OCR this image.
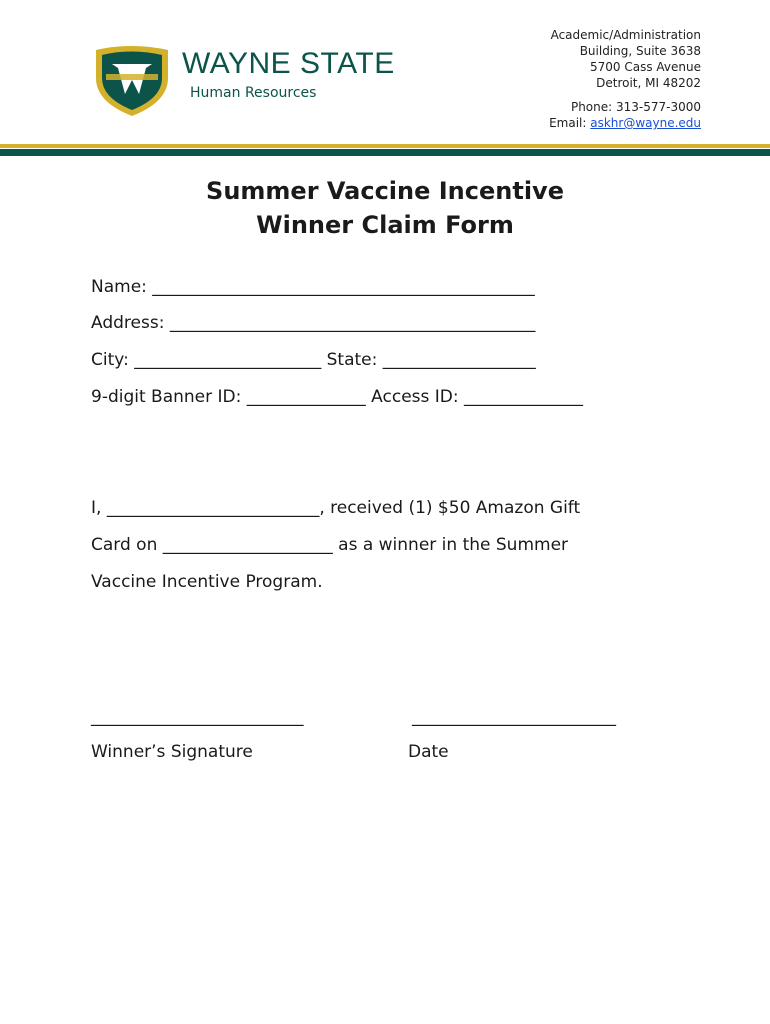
WAYNE STATE
Human Resources
Academic/Administration
Building, Suite 3638
5700 Cass Avenue
Detroit, MI 48202
Phone: 313-577-3000
Email: askhr@wayne.edu
Summer Vaccine Incentive
Winner Claim Form
Name: _____________________________________________
Address: ___________________________________________
City: ______________________ State: __________________
9-digit Banner ID: ______________ Access ID: ______________
I, _________________________, received (1) $50 Amazon Gift
Card on ____________________ as a winner in the Summer
Vaccine Incentive Program.
_________________________	________________________
Winner’s Signature	Date
